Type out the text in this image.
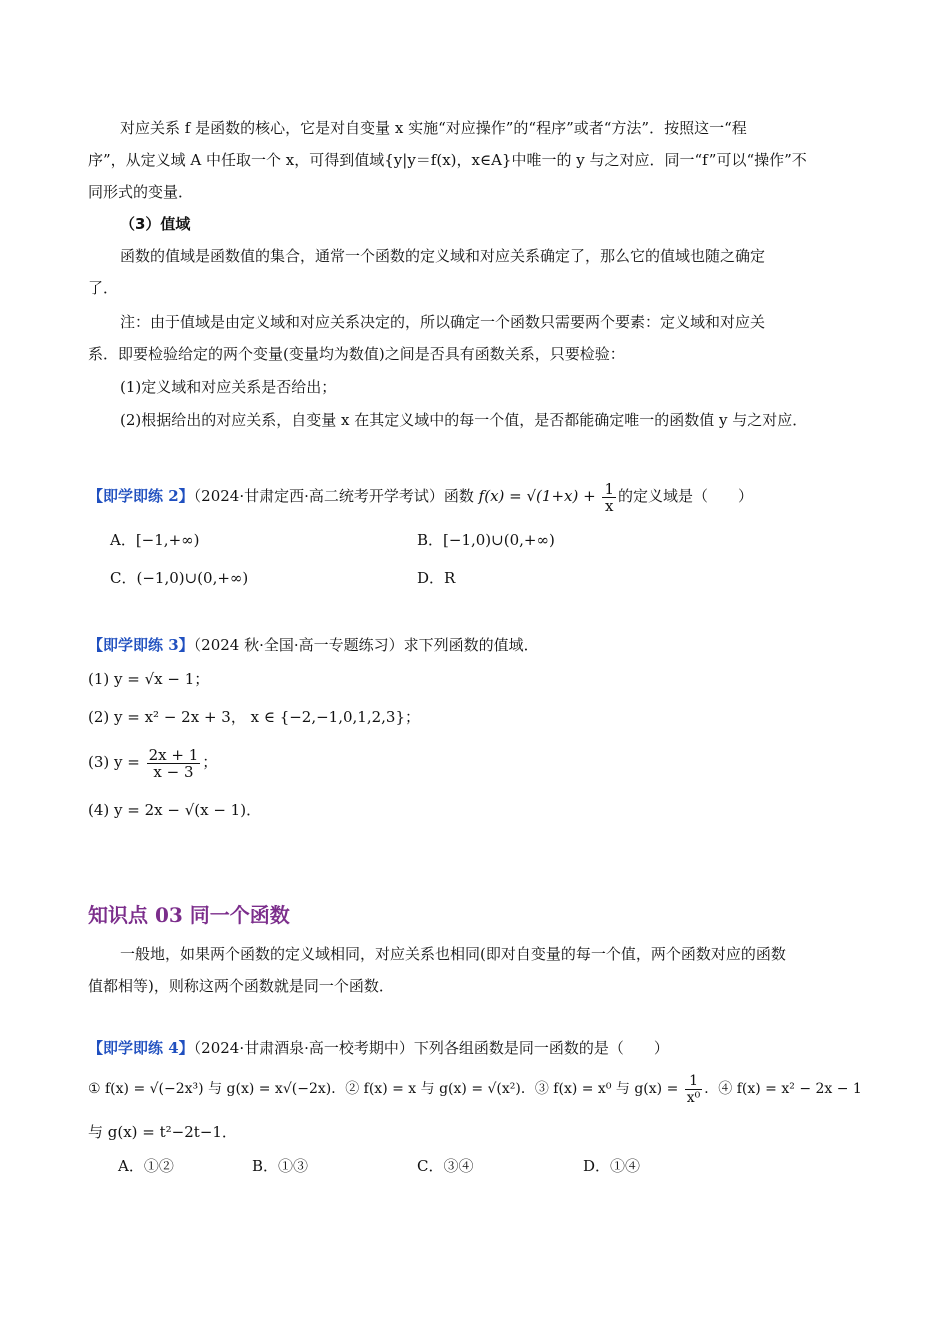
对应关系 f 是函数的核心，它是对自变量 x 实施“对应操作”的“程序”或者“方法”．按照这一“程
序”，从定义域 A 中任取一个 x，可得到值域{y|y＝f(x)，x∈A}中唯一的 y 与之对应．同一“f”可以“操作”不
同形式的变量．
（3）值域
函数的值域是函数值的集合，通常一个函数的定义域和对应关系确定了，那么它的值域也随之确定
了．
注：由于值域是由定义域和对应关系决定的，所以确定一个函数只需要两个要素：定义域和对应关
系．即要检验给定的两个变量(变量均为数值)之间是否具有函数关系，只要检验：
(1)定义域和对应关系是否给出；
(2)根据给出的对应关系，自变量 x 在其定义域中的每一个值，是否都能确定唯一的函数值 y 与之对应．
【即学即练 2】（2024·甘肃定西·高二统考开学考试）函数 $f(x) = √(1+x) + \frac{1}{x}$ 的定义域是（　　）
A．[−1,+∞)	B．[−1,0)∪(0,+∞)
C．(−1,0)∪(0,+∞)	D．R
【即学即练 3】（2024 秋·全国·高一专题练习）求下列函数的值域．
(1) y = √x − 1；
(2) y = x² − 2x + 3， x ∈ {−2,−1,0,1,2,3}；
(3) $y = \frac{2x + 1}{x - 3}$ ；
(4) y = 2x − √(x − 1)．
知识点 03 同一个函数
一般地，如果两个函数的定义域相同，对应关系也相同(即对自变量的每一个值，两个函数对应的函数
值都相等)，则称这两个函数就是同一个函数．
【即学即练 4】（2024·甘肃酒泉·高一校考期中）下列各组函数是同一函数的是（　　）
① f(x) = √(−2x³) 与 g(x) = x√(−2x)．② f(x) = x 与 g(x) = √(x²)．③ f(x) = x⁰ 与 $g(x) = \frac{1}{\text{x⁰}}$ ．④ f(x) = x² − 2x − 1
与 g(x) = t²−2t−1．
A．①②	B．①③	C．③④	D．①④
